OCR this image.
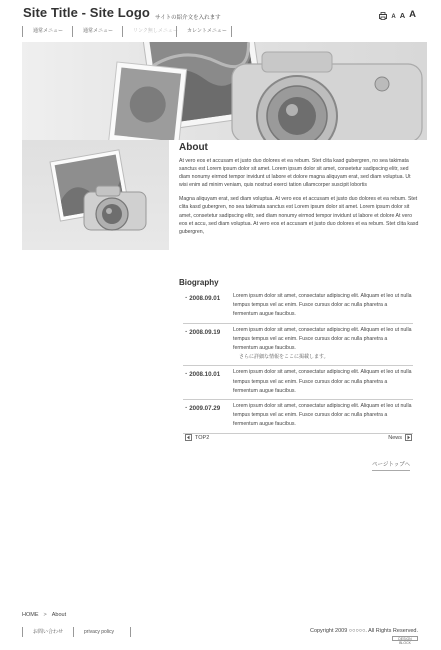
Site Title - Site Logo サイトの紹介文を入れます	A A A
通常メニュー	通常メニュー	リンク無しメニュー	カレントメニュー
About

At vero eos et accusam et justo duo dolores et ea rebum. Stet clita kasd gubergren, no sea takimata sanctus est Lorem ipsum dolor sit amet. Lorem ipsum dolor sit amet, consetetur sadipscing elitr, sed diam nonumy eirmod tempor invidunt ut labore et dolore magna aliquyam erat, sed diam voluptua. Ut wisi enim ad minim veniam, quis nostrud exerci tation ullamcorper suscipit lobortis

Magna aliquyam erat, sed diam voluptua. At vero eos et accusam et justo duo dolores et ea rebum. Stet clita kasd gubergren, no sea takimata sanctus est Lorem ipsum dolor sit amet. Lorem ipsum dolor sit amet, consetetur sadipscing elitr, sed diam nonumy eirmod tempor invidunt ut labore et dolore At vero eos et accu, sed diam voluptua. At vero eos et accusam et justo duo dolores et ea rebum. Stet clita kasd gubergren,

Biography
・ 2008.09.01	Lorem ipsum dolor sit amet, consectatur adipiscing elit. Aliquam et leo ut nulla tempus tempus vel ac enim. Fusce cursus dolor ac nulla pharetra a fermentum augue faucibus.
・ 2008.09.19	Lorem ipsum dolor sit amet, consectatur adipiscing elit. Aliquam et leo ut nulla tempus tempus vel ac enim. Fusce cursus dolor ac nulla pharetra a fermentum augue faucibus.
さらに詳細な情報をここに掲載します。
・ 2008.10.01	Lorem ipsum dolor sit amet, consectatur adipiscing elit. Aliquam et leo ut nulla tempus tempus vel ac enim. Fusce cursus dolor ac nulla pharetra a fermentum augue faucibus.
・ 2009.07.29	Lorem ipsum dolor sit amet, consectatur adipiscing elit. Aliquam et leo ut nulla tempus tempus vel ac enim. Fusce cursus dolor ac nulla pharetra a fermentum augue faucibus.
TOP2	News
ページトップへ
HOME > About
お問い合わせ	privacy policy	Copyright 2009 ○○○○○. All Rights Reserved.
DESIGN BLOCK
